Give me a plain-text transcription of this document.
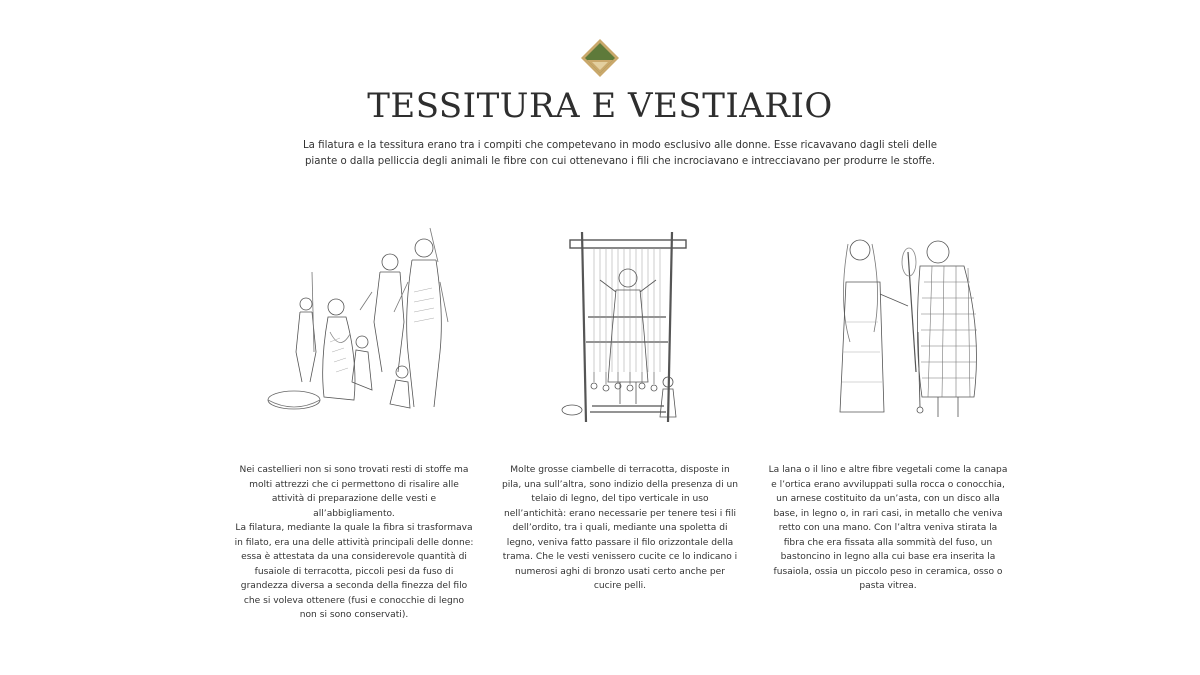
TESSITURA E VESTIARIO

La filatura e la tessitura erano tra i compiti che competevano in modo esclusivo alle donne. Esse ricavavano dagli steli delle piante o dalla pelliccia degli animali le fibre con cui ottenevano i fili che incrociavano e intrecciavano per produrre le stoffe.

Nei castellieri non si sono trovati resti di stoffe ma molti attrezzi che ci permettono di risalire alle attività di preparazione delle vesti e all’abbigliamento.

La filatura, mediante la quale la fibra si trasformava in filato, era una delle attività principali delle donne: essa è attestata da una considerevole quantità di fusaiole di terracotta, piccoli pesi da fuso di grandezza diversa a seconda della finezza del filo che si voleva ottenere (fusi e conocchie di legno non si sono conservati).

Molte grosse ciambelle di terracotta, disposte in pila, una sull’altra, sono indizio della presenza di un telaio di legno, del tipo verticale in uso nell’antichità: erano necessarie per tenere tesi i fili dell’ordito, tra i quali, mediante una spoletta di legno, veniva fatto passare il filo orizzontale della trama. Che le vesti venissero cucite ce lo indicano i numerosi aghi di bronzo usati certo anche per cucire pelli.

La lana o il lino e altre fibre vegetali come la canapa e l’ortica erano avviluppati sulla rocca o conocchia, un arnese costituito da un’asta, con un disco alla base, in legno o, in rari casi, in metallo che veniva retto con una mano. Con l’altra veniva stirata la fibra che era fissata alla sommità del fuso, un bastoncino in legno alla cui base era inserita la fusaiola, ossia un piccolo peso in ceramica, osso o pasta vitrea.
